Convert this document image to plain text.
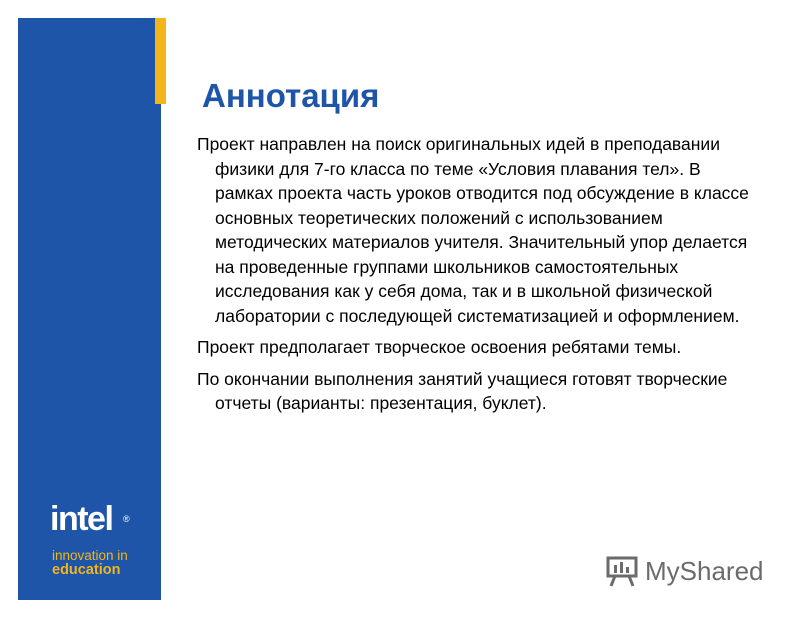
intel	®
innovation in
education
Аннотация

Проект направлен на поиск оригинальных идей в преподавании физики для 7-го класса по теме «Условия плавания тел». В рамках проекта часть уроков отводится под обсуждение в классе основных теоретических положений с использованием методических материалов учителя. Значительный упор делается на проведенные группами школьников самостоятельных исследования как у себя дома, так и в школьной физической лаборатории с последующей систематизацией и оформлением.

Проект предполагает творческое освоения ребятами темы.

По окончании выполнения занятий учащиеся готовят творческие отчеты (варианты: презентация, буклет).

MyShared
